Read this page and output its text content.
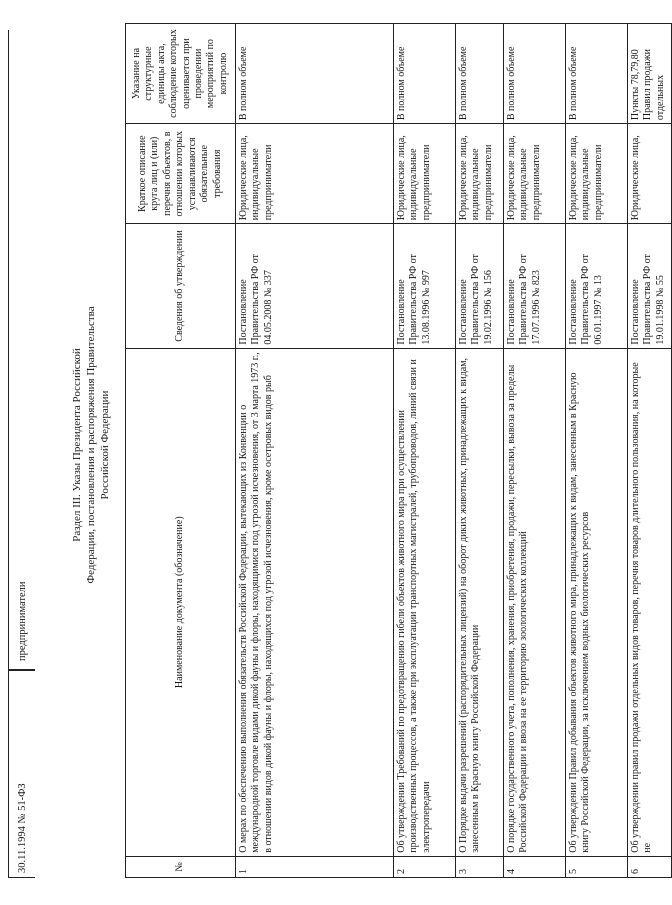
30.11.1994 № 51-ФЗ
предприниматели
Раздел III. Указы Президента Российской Федерации, постановления и распоряжения Правительства Российской Федерации
№	Наименование документа (обозначение)	Сведения об утверждении	Краткое описание круга лиц и (или) перечня объектов, в отношении которых устанавливаются обязательные требования	Указание на структурные единицы акта, соблюдение которых оценивается при проведении мероприятий по контролю
1	О мерах по обеспечению выполнения обязательств Российской Федерации, вытекающих из Конвенции о международной торговле видами дикой фауны и флоры, находящимися под угрозой исчезновения, от 3 марта 1973 г., в отношении видов дикой фауны и флоры, находящихся под угрозой исчезновения, кроме осетровых видов рыб	Постановление Правительства РФ от 04.05.2008 № 337	Юридические лица, индивидуальные предприниматели	В полном объеме
2	Об утверждении Требований по предотвращению гибели объектов животного мира при осуществлении производственных процессов, а также при эксплуатации транспортных магистралей, трубопроводов, линий связи и электропередачи	Постановление Правительства РФ от 13.08.1996 № 997	Юридические лица, индивидуальные предприниматели	В полном объеме
3	О Порядке выдачи разрешений (распорядительных лицензий) на оборот диких животных, принадлежащих к видам, занесенным в Красную книгу Российской Федерации	Постановление Правительства РФ от 19.02.1996 № 156	Юридические лица, индивидуальные предприниматели	В полном объеме
4	О порядке государственного учета, пополнения, хранения, приобретения, продажи, пересылки, вывоза за пределы Российской Федерации и ввоза на ее территорию зоологических коллекций	Постановление Правительства РФ от 17.07.1996 № 823	Юридические лица, индивидуальные предприниматели	В полном объеме
5	Об утверждении Правил добывания объектов животного мира, принадлежащих к видам, занесенным в Красную книгу Российской Федерации, за исключением водных биологических ресурсов	Постановление Правительства РФ от 06.01.1997 № 13	Юридические лица, индивидуальные предприниматели	В полном объеме
6	Об утверждении правил продажи отдельных видов товаров, перечня товаров длительного пользования, на которые не	Постановление Правительства РФ от 19.01.1998 № 55	Юридические лица,	Пункты 78,79,80 Правил продажи отдельных
